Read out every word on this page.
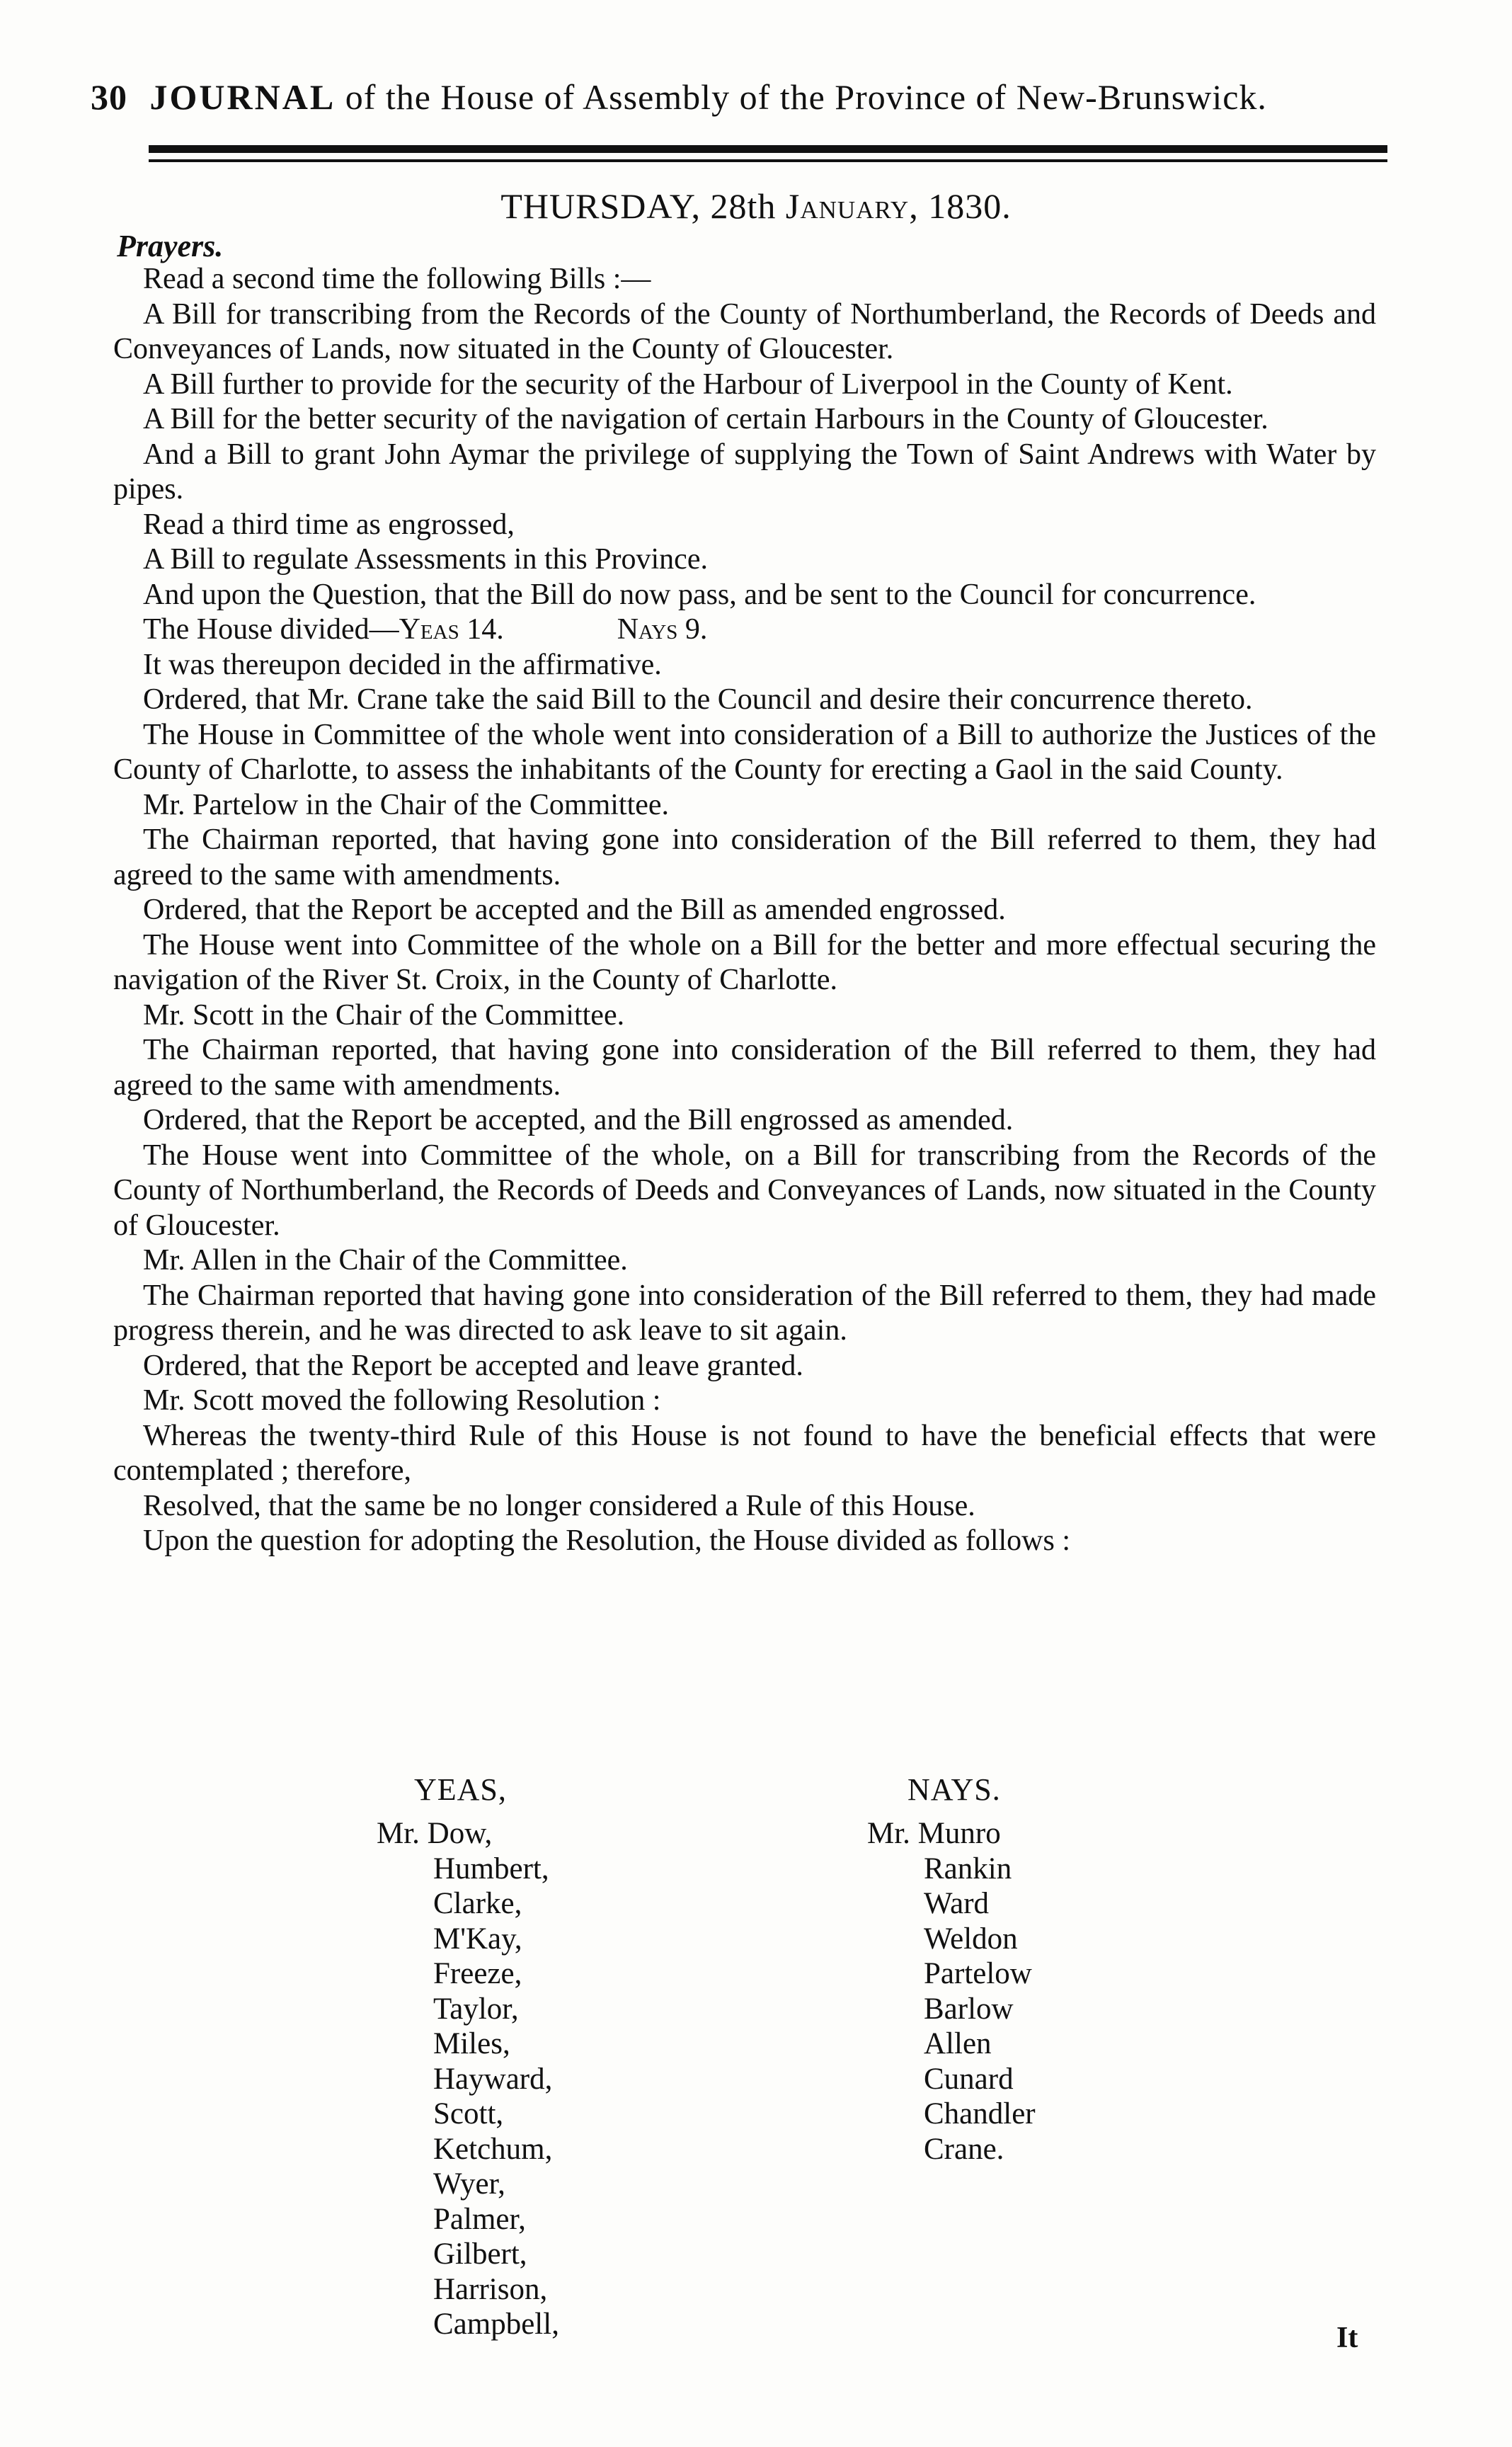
30 JOURNAL of the House of Assembly of the Province of New-Brunswick.
THURSDAY, 28th January, 1830.
Prayers.

Read a second time the following Bills :—

A Bill for transcribing from the Records of the County of Northumberland, the Records of Deeds and Conveyances of Lands, now situated in the County of Gloucester.

A Bill further to provide for the security of the Harbour of Liverpool in the County of Kent.

A Bill for the better security of the navigation of certain Harbours in the County of Gloucester.

And a Bill to grant John Aymar the privilege of supplying the Town of Saint Andrews with Water by pipes.

Read a third time as engrossed,

A Bill to regulate Assessments in this Province.

And upon the Question, that the Bill do now pass, and be sent to the Council for concurrence.

The House divided—Yeas 14.	Nays 9.

It was thereupon decided in the affirmative.

Ordered, that Mr. Crane take the said Bill to the Council and desire their concurrence thereto.

The House in Committee of the whole went into consideration of a Bill to authorize the Justices of the County of Charlotte, to assess the inhabitants of the County for erecting a Gaol in the said County.

Mr. Partelow in the Chair of the Committee.

The Chairman reported, that having gone into consideration of the Bill referred to them, they had agreed to the same with amendments.

Ordered, that the Report be accepted and the Bill as amended engrossed.

The House went into Committee of the whole on a Bill for the better and more effectual securing the navigation of the River St. Croix, in the County of Charlotte.

Mr. Scott in the Chair of the Committee.

The Chairman reported, that having gone into consideration of the Bill referred to them, they had agreed to the same with amendments.

Ordered, that the Report be accepted, and the Bill engrossed as amended.

The House went into Committee of the whole, on a Bill for transcribing from the Records of the County of Northumberland, the Records of Deeds and Conveyances of Lands, now situated in the County of Gloucester.

Mr. Allen in the Chair of the Committee.

The Chairman reported that having gone into consideration of the Bill referred to them, they had made progress therein, and he was directed to ask leave to sit again.

Ordered, that the Report be accepted and leave granted.

Mr. Scott moved the following Resolution :

Whereas the twenty-third Rule of this House is not found to have the beneficial effects that were contemplated ; therefore,

Resolved, that the same be no longer considered a Rule of this House.

Upon the question for adopting the Resolution, the House divided as follows :

YEAS,	NAYS.
Mr. Dow,
Humbert,
Clarke,
M'Kay,
Freeze,
Taylor,
Miles,
Hayward,
Scott,
Ketchum,
Wyer,
Palmer,
Gilbert,
Harrison,
Campbell,
Mr. Munro
Rankin
Ward
Weldon
Partelow
Barlow
Allen
Cunard
Chandler
Crane.
It
